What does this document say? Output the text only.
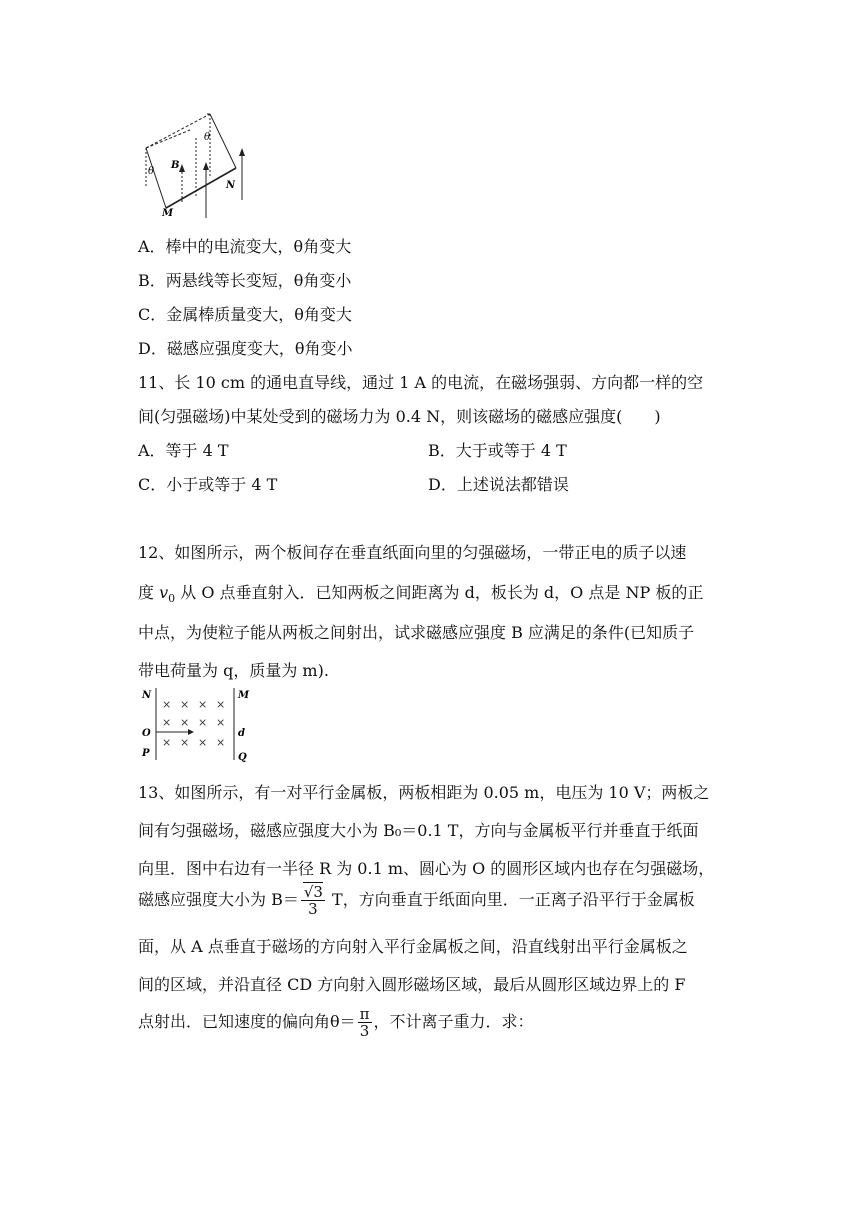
θ
θ
B
M
N
A．棒中的电流变大，θ角变大
B．两悬线等长变短，θ角变小
C．金属棒质量变大，θ角变大
D．磁感应强度变大，θ角变小
11、长 10 cm 的通电直导线，通过 1 A 的电流，在磁场强弱、方向都一样的空
间(匀强磁场)中某处受到的磁场力为 0.4 N，则该磁场的磁感应强度(　　)
A．等于 4 T	B．大于或等于 4 T
C．小于或等于 4 T	D．上述说法都错误
12、如图所示，两个板间存在垂直纸面向里的匀强磁场，一带正电的质子以速
度 $v_0$ 从 O 点垂直射入．已知两板之间距离为 d，板长为 d，O 点是 NP 板的正
中点，为使粒子能从两板之间射出，试求磁感应强度 B 应满足的条件(已知质子
带电荷量为 q，质量为 m).
N	M
O	d
P	Q
× × × ×
× × × ×
× × × ×
13、如图所示，有一对平行金属板，两板相距为 0.05 m，电压为 10 V；两板之
间有匀强磁场，磁感应强度大小为 B₀＝0.1 T，方向与金属板平行并垂直于纸面
向里．图中右边有一半径 R 为 0.1 m、圆心为 O 的圆形区域内也存在匀强磁场，
磁感应强度大小为 $B= \frac{√3}{3}$ T，方向垂直于纸面向里．一正离子沿平行于金属板
面，从 A 点垂直于磁场的方向射入平行金属板之间，沿直线射出平行金属板之
间的区域，并沿直径 CD 方向射入圆形磁场区域，最后从圆形区域边界上的 F
点射出．已知速度的偏向角$\theta= \frac{\pi}{3}$ ，不计离子重力．求：
